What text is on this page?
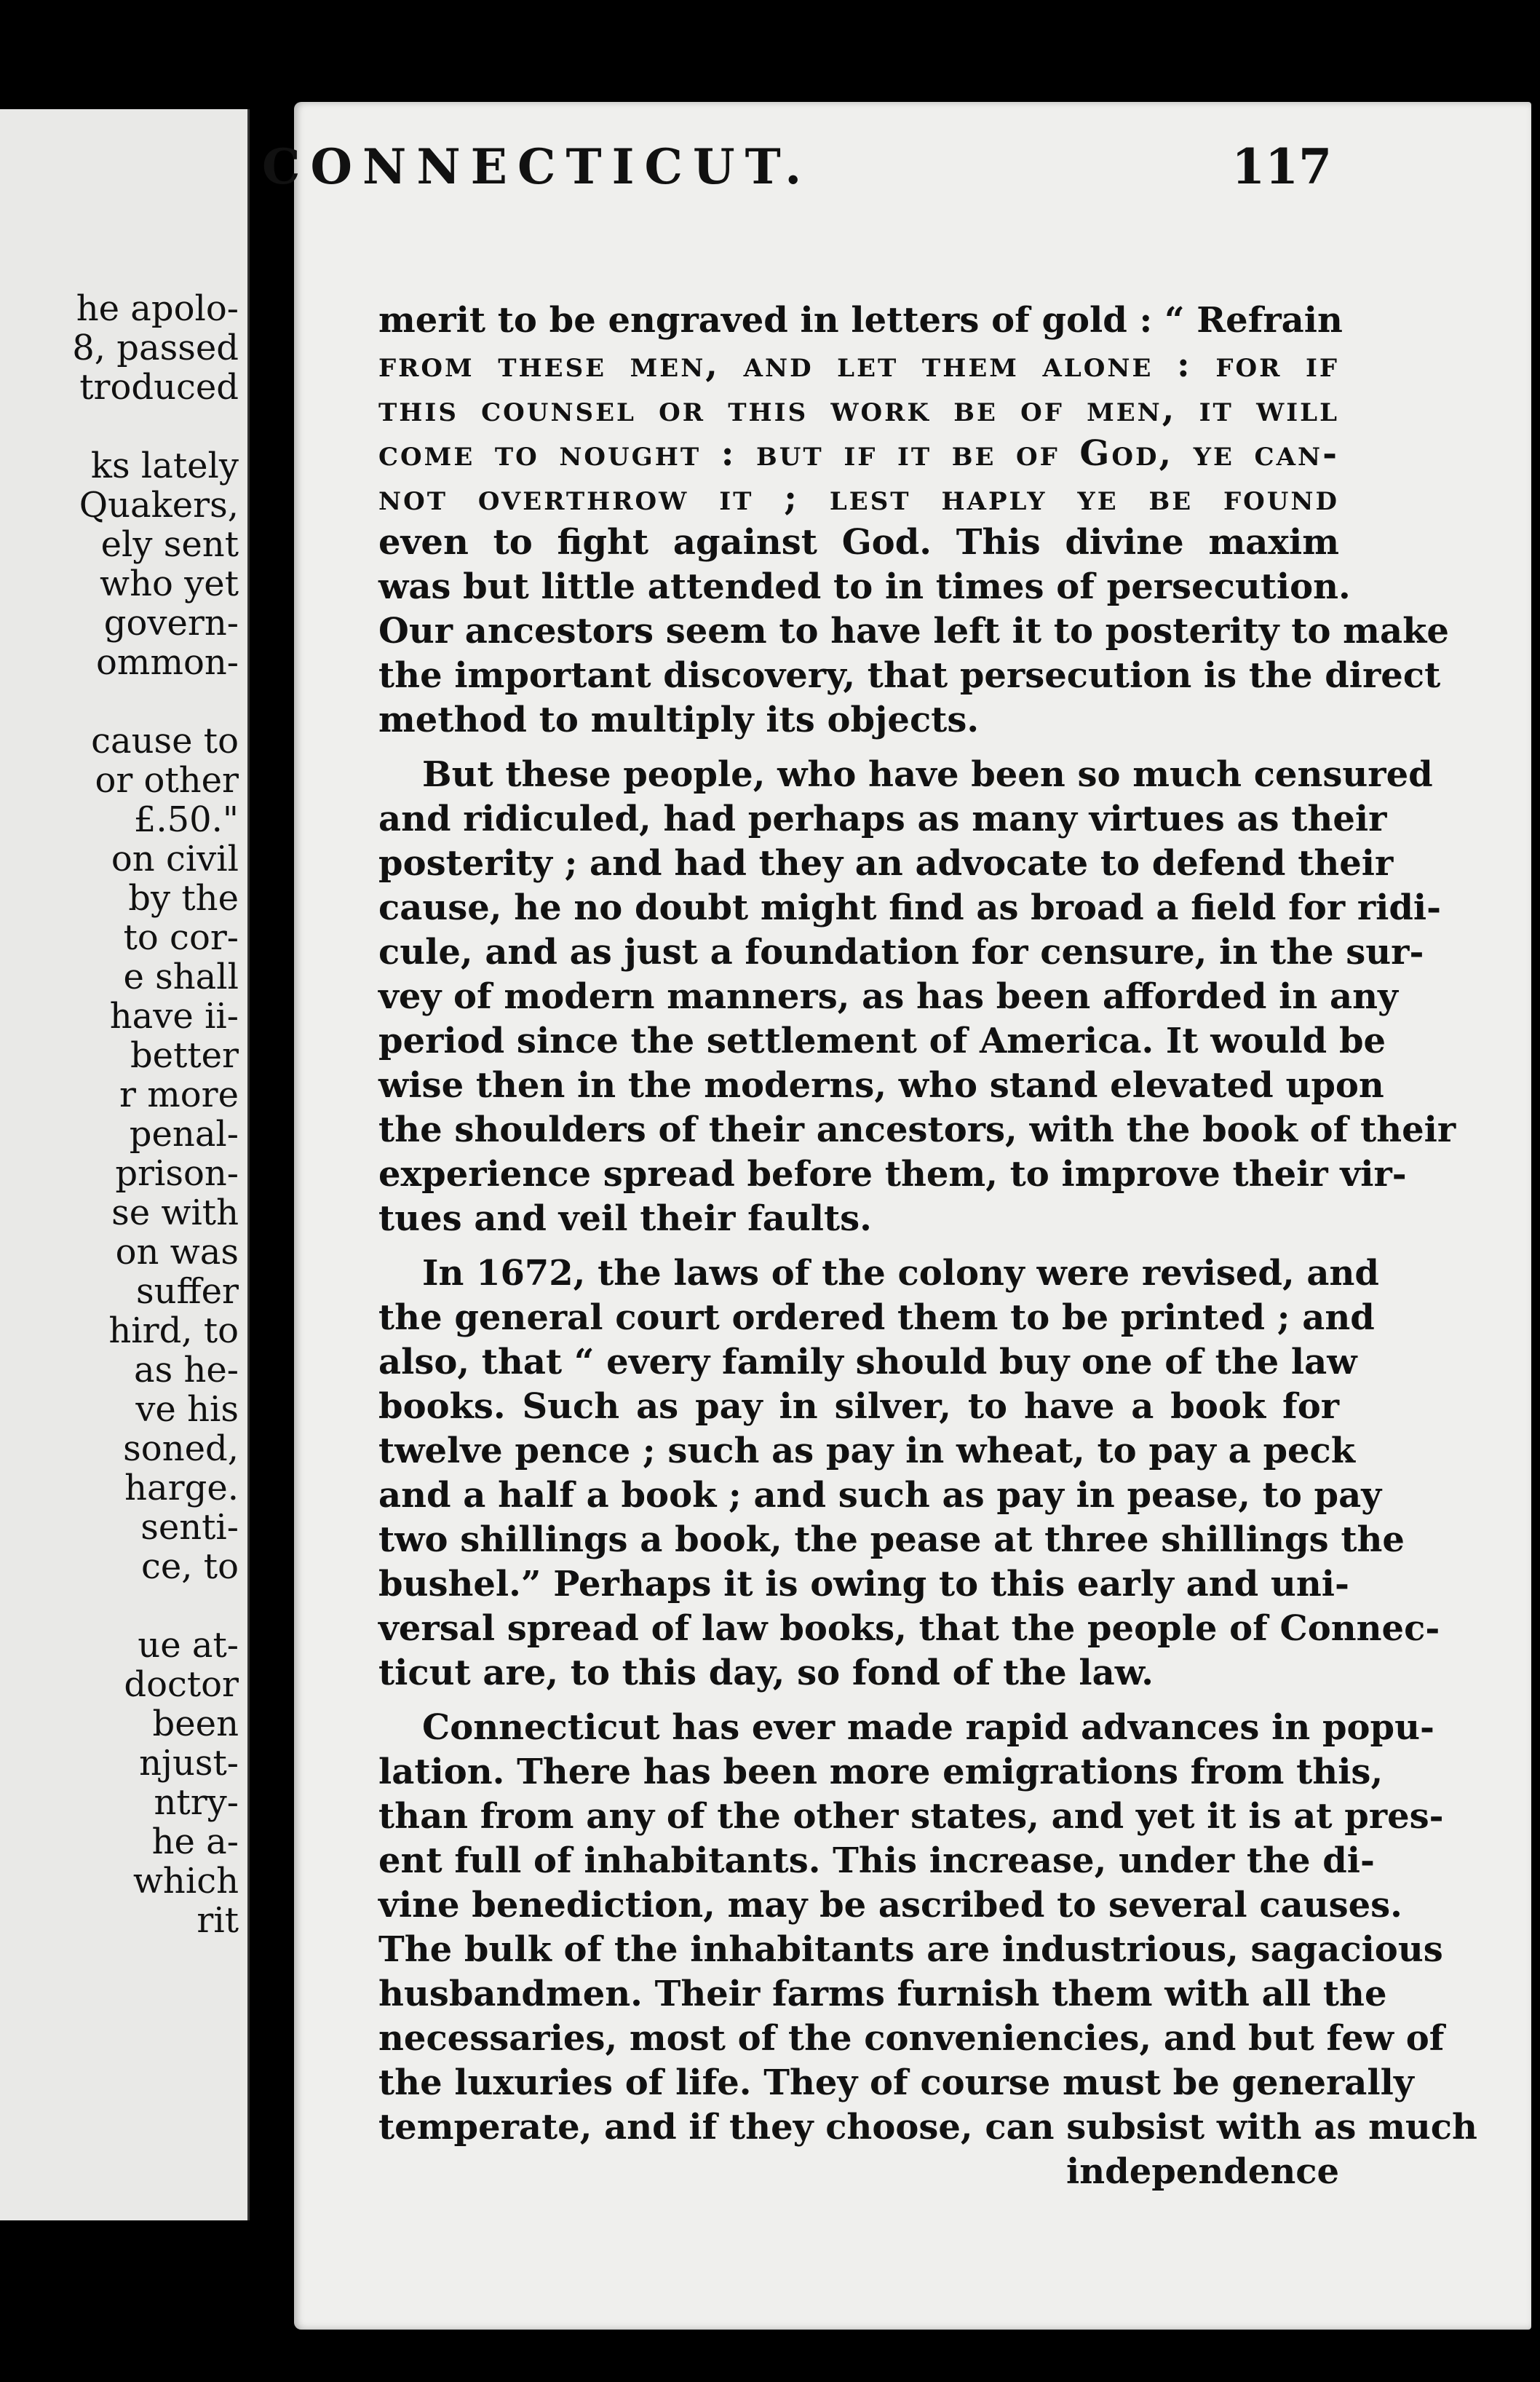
he apolo-
8, passed
troduced
ks lately
Quakers,
ely sent
who yet
govern-
ommon-
cause to
or other
£.50."
on civil
by the
to cor-
e shall
have ii-
better
r more
penal-
prison-
se with
on was
suffer
hird, to
as he-
ve his
soned,
harge.
senti-
ce, to
ue at-
doctor
been
njust-
ntry-
he a-
which
rit
CONNECTICUT.	117
merit to be engraved in letters of gold : “ Refrain
from these men, and let them alone : for if
this counsel or this work be of men, it will
come to nought : but if it be of God, ye can-
not overthrow it ; lest haply ye be found
even to fight against God. This divine maxim
was but little attended to in times of persecution.
Our ancestors seem to have left it to posterity to make
the important discovery, that persecution is the direct
method to multiply its objects.
But these people, who have been so much censured
and ridiculed, had perhaps as many virtues as their
posterity ; and had they an advocate to defend their
cause, he no doubt might find as broad a field for ridi-
cule, and as just a foundation for censure, in the sur-
vey of modern manners, as has been afforded in any
period since the settlement of America. It would be
wise then in the moderns, who stand elevated upon
the shoulders of their ancestors, with the book of their
experience spread before them, to improve their vir-
tues and veil their faults.
In 1672, the laws of the colony were revised, and
the general court ordered them to be printed ; and
also, that “ every family should buy one of the law
books. Such as pay in silver, to have a book for
twelve pence ; such as pay in wheat, to pay a peck
and a half a book ; and such as pay in pease, to pay
two shillings a book, the pease at three shillings the
bushel.” Perhaps it is owing to this early and uni-
versal spread of law books, that the people of Connec-
ticut are, to this day, so fond of the law.
Connecticut has ever made rapid advances in popu-
lation. There has been more emigrations from this,
than from any of the other states, and yet it is at pres-
ent full of inhabitants. This increase, under the di-
vine benediction, may be ascribed to several causes.
The bulk of the inhabitants are industrious, sagacious
husbandmen. Their farms furnish them with all the
necessaries, most of the conveniencies, and but few of
the luxuries of life. They of course must be generally
temperate, and if they choose, can subsist with as much
independence
